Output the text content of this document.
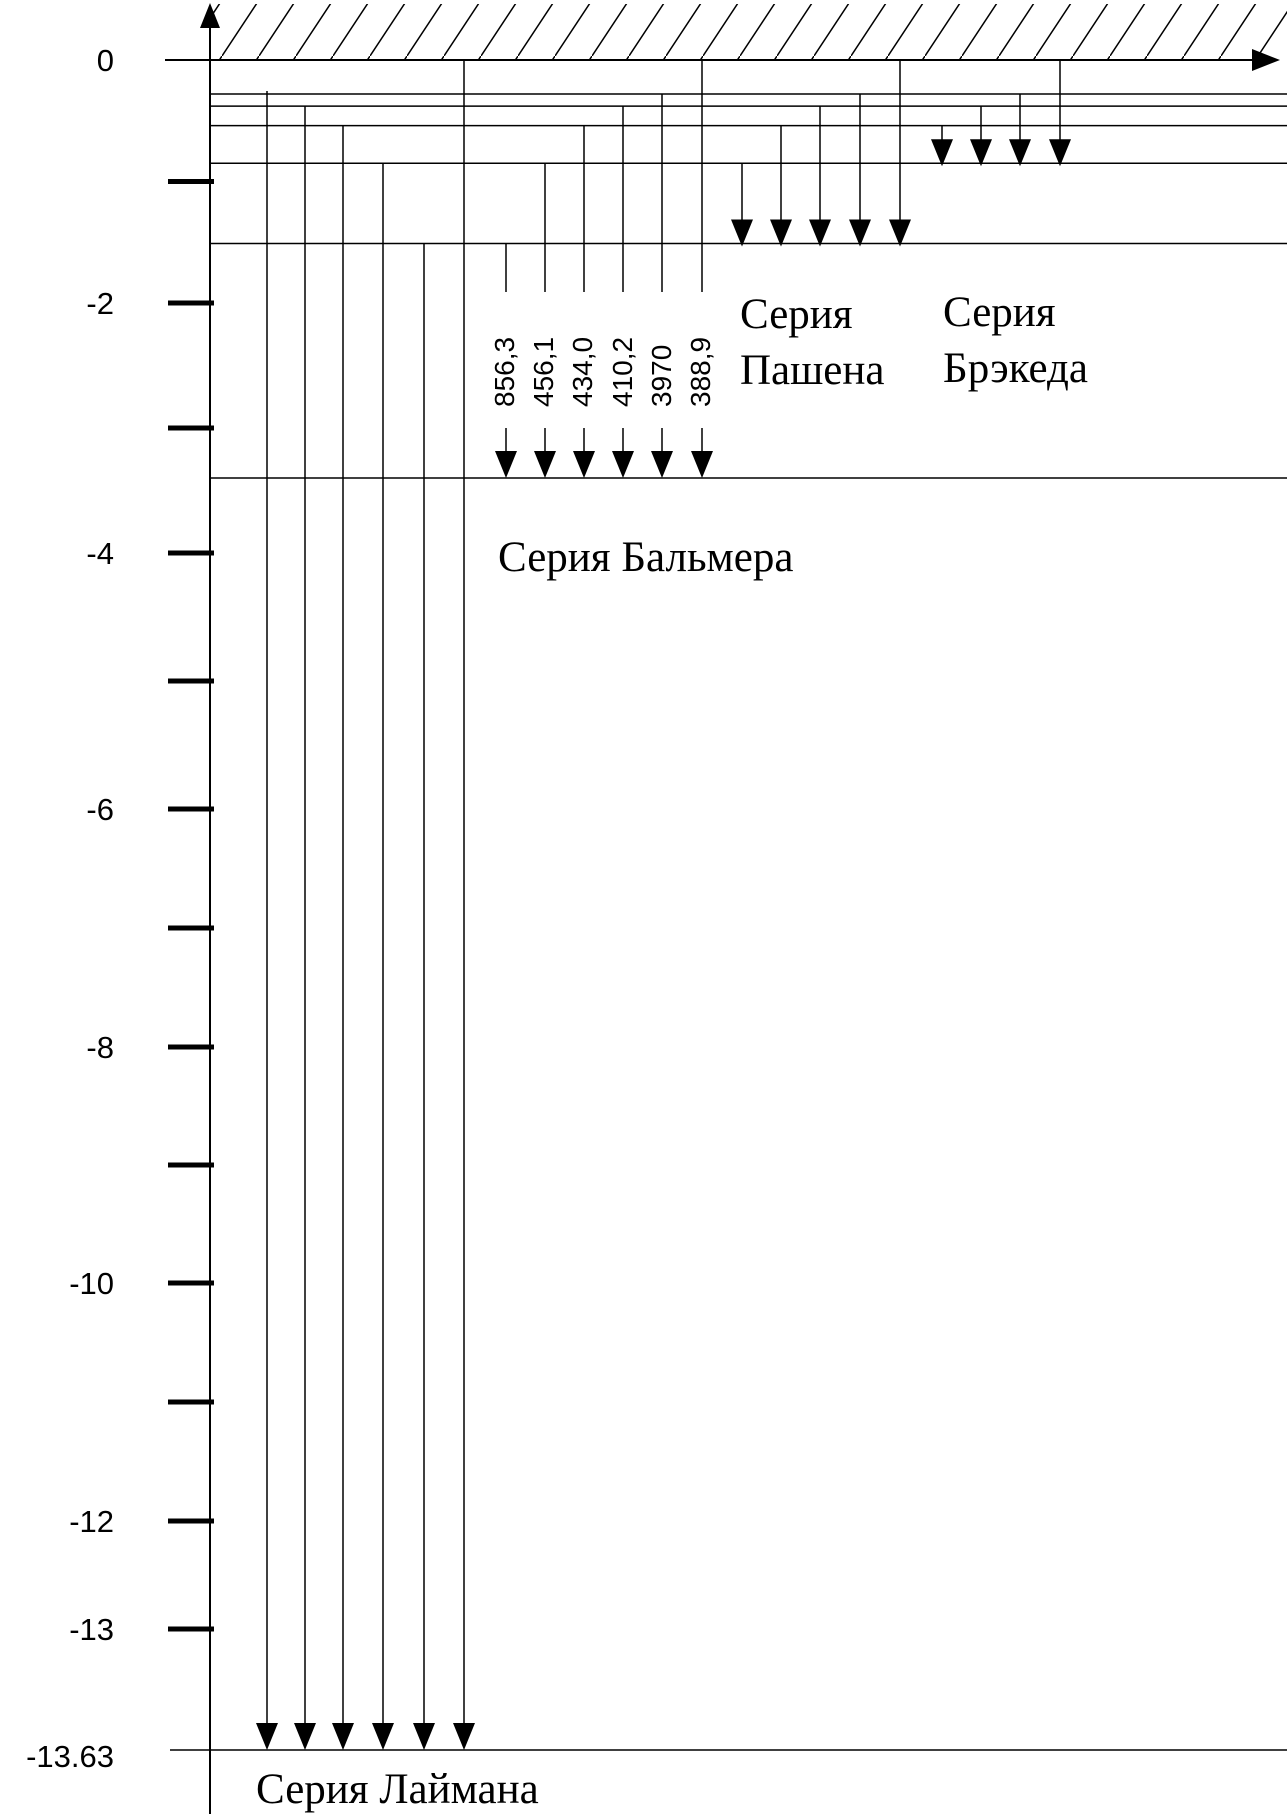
0
-2
-4
-6
-8
-10
-12
-13
-13.63
856,3 456,1 434,0 410,2 3970 388,9
Серия
Пашена
Серия
Брэкеда
Серия Бальмера
Серия Лаймана
